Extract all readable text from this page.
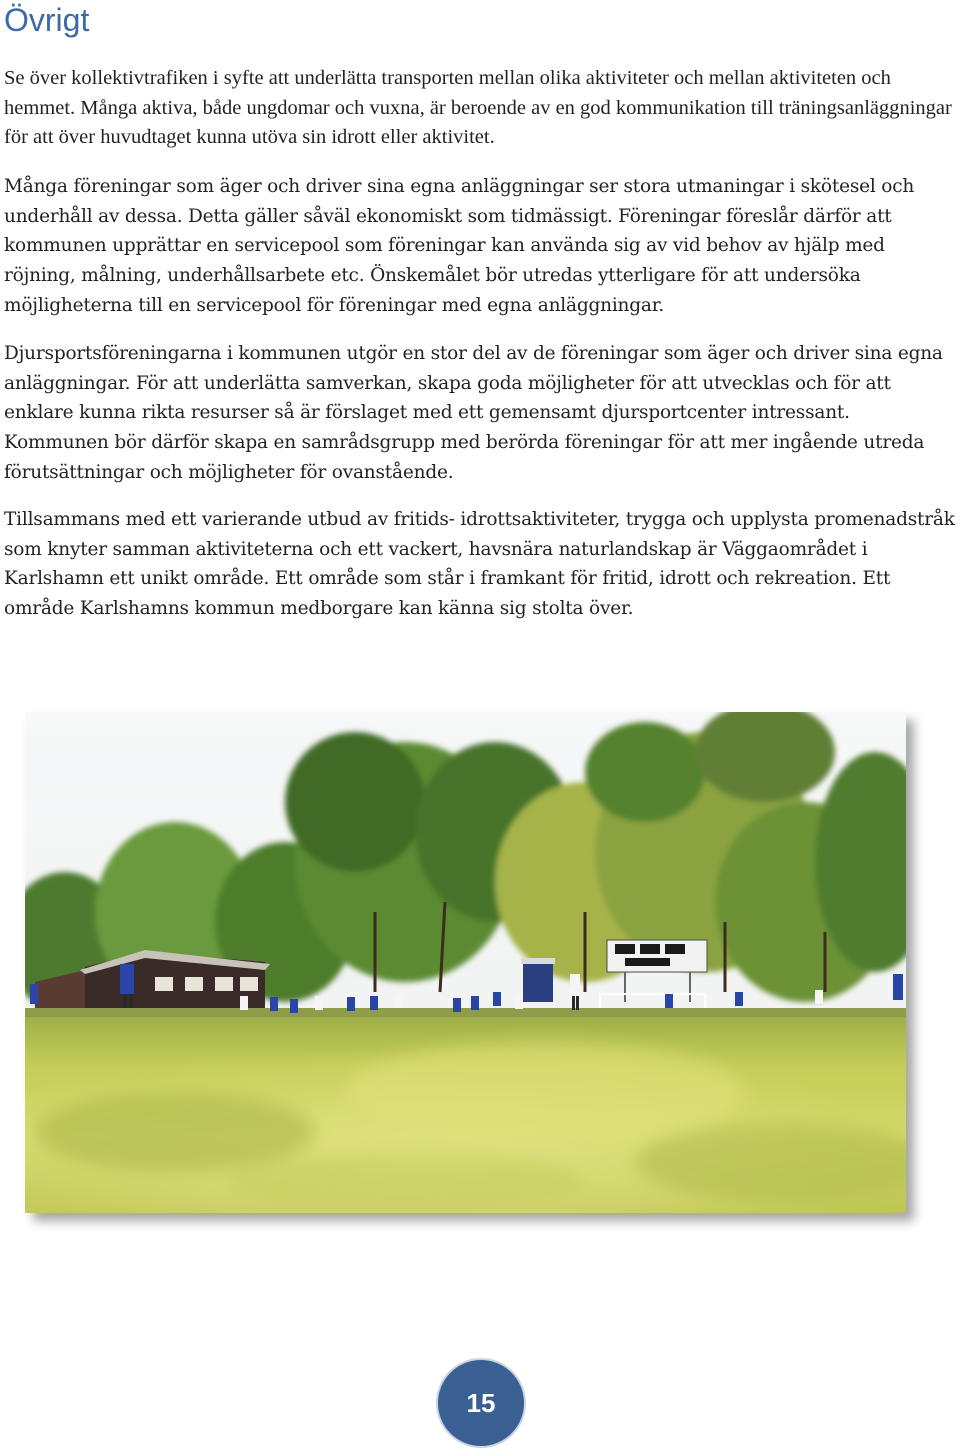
Övrigt

Se över kollektivtrafiken i syfte att underlätta transporten mellan olika aktiviteter och mellan aktiviteten och hemmet. Många aktiva, både ungdomar och vuxna, är beroende av en god kommunikation till träningsanläggningar för att över huvudtaget kunna utöva sin idrott eller aktivitet.

Många föreningar som äger och driver sina egna anläggningar ser stora utmaningar i skötesel och underhåll av dessa. Detta gäller såväl ekonomiskt som tidmässigt. Föreningar föreslår därför att kommunen upprättar en servicepool som föreningar kan använda sig av vid behov av hjälp med röjning, målning, underhållsarbete etc. Önskemålet bör utredas ytterligare för att undersöka möjligheterna till en servicepool för föreningar med egna anläggningar.

Djursportsföreningarna i kommunen utgör en stor del av de föreningar som äger och driver sina egna anläggningar. För att underlätta samverkan, skapa goda möjligheter för att utvecklas och för att enklare kunna rikta resurser så är förslaget med ett gemensamt djursportcenter intressant. Kommunen bör därför skapa en samrådsgrupp med berörda föreningar för att mer ingående utreda förutsättningar och möjligheter för ovanstående.

Tillsammans med ett varierande utbud av fritids- idrottsaktiviteter, trygga och upplysta promenadstråk som knyter samman aktiviteterna och ett vackert, havsnära naturlandskap är Väggaområdet i Karlshamn ett unikt område. Ett område som står i framkant för fritid, idrott och rekreation. Ett område Karlshamns kommun medborgare kan känna sig stolta över.

15
